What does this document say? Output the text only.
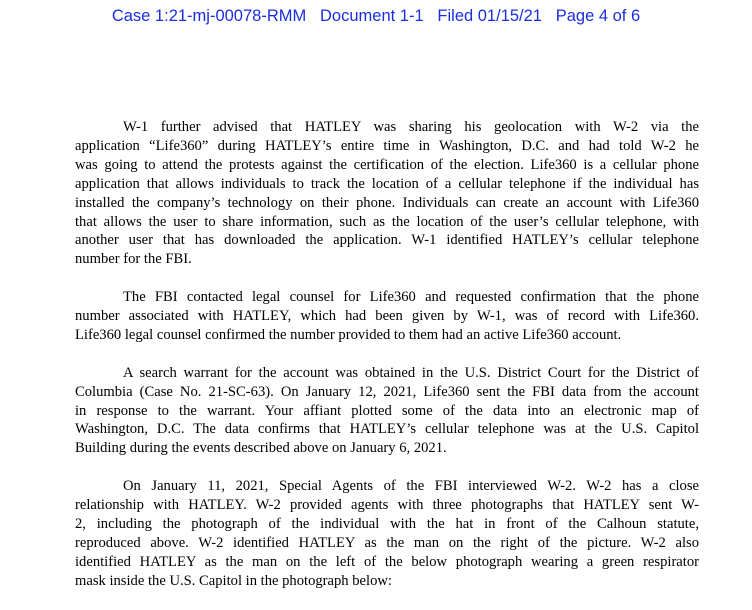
Case 1:21-mj-00078-RMM Document 1-1 Filed 01/15/21 Page 4 of 6
W-1 further advised that HATLEY was sharing his geolocation with W-2 via the
application “Life360” during HATLEY’s entire time in Washington, D.C. and had told W-2 he
was going to attend the protests against the certification of the election. Life360 is a cellular phone
application that allows individuals to track the location of a cellular telephone if the individual has
installed the company’s technology on their phone. Individuals can create an account with Life360
that allows the user to share information, such as the location of the user’s cellular telephone, with
another user that has downloaded the application. W-1 identified HATLEY’s cellular telephone
number for the FBI.
The FBI contacted legal counsel for Life360 and requested confirmation that the phone
number associated with HATLEY, which had been given by W-1, was of record with Life360.
Life360 legal counsel confirmed the number provided to them had an active Life360 account.
A search warrant for the account was obtained in the U.S. District Court for the District of
Columbia (Case No. 21-SC-63). On January 12, 2021, Life360 sent the FBI data from the account
in response to the warrant. Your affiant plotted some of the data into an electronic map of
Washington, D.C. The data confirms that HATLEY’s cellular telephone was at the U.S. Capitol
Building during the events described above on January 6, 2021.
On January 11, 2021, Special Agents of the FBI interviewed W-2. W-2 has a close
relationship with HATLEY. W-2 provided agents with three photographs that HATLEY sent W-
2, including the photograph of the individual with the hat in front of the Calhoun statute,
reproduced above. W-2 identified HATLEY as the man on the right of the picture. W-2 also
identified HATLEY as the man on the left of the below photograph wearing a green respirator
mask inside the U.S. Capitol in the photograph below:
